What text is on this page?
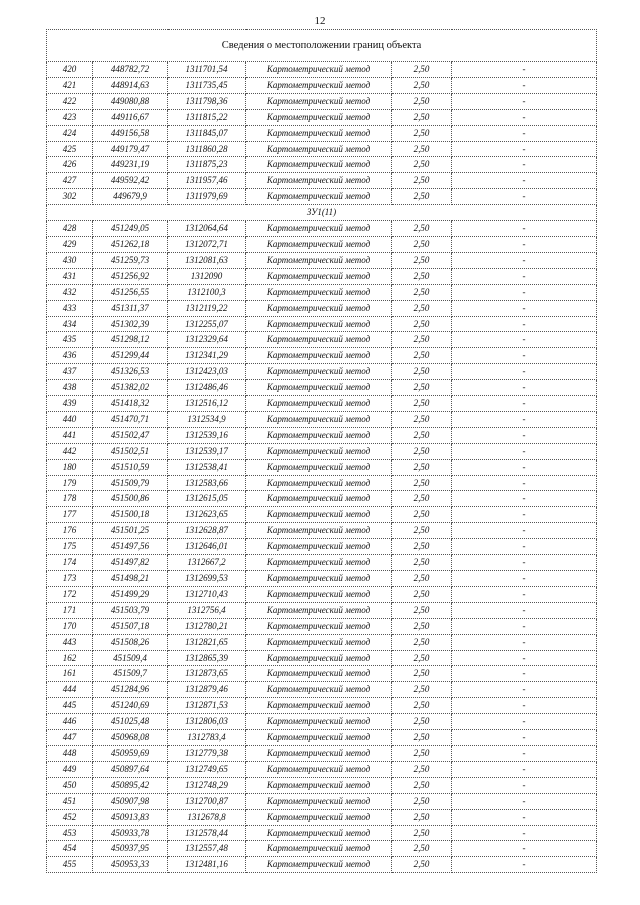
12
Сведения о местоположении границ объекта					
420	448782,72	1311701,54	Картометрический метод	2,50	-
421	448914,63	1311735,45	Картометрический метод	2,50	-
422	449080,88	1311798,36	Картометрический метод	2,50	-
423	449116,67	1311815,22	Картометрический метод	2,50	-
424	449156,58	1311845,07	Картометрический метод	2,50	-
425	449179,47	1311860,28	Картометрический метод	2,50	-
426	449231,19	1311875,23	Картометрический метод	2,50	-
427	449592,42	1311957,46	Картометрический метод	2,50	-
302	449679,9	1311979,69	Картометрический метод	2,50	-
ЗУ1(11)					
428	451249,05	1312064,64	Картометрический метод	2,50	-
429	451262,18	1312072,71	Картометрический метод	2,50	-
430	451259,73	1312081,63	Картометрический метод	2,50	-
431	451256,92	1312090	Картометрический метод	2,50	-
432	451256,55	1312100,3	Картометрический метод	2,50	-
433	451311,37	1312119,22	Картометрический метод	2,50	-
434	451302,39	1312255,07	Картометрический метод	2,50	-
435	451298,12	1312329,64	Картометрический метод	2,50	-
436	451299,44	1312341,29	Картометрический метод	2,50	-
437	451326,53	1312423,03	Картометрический метод	2,50	-
438	451382,02	1312486,46	Картометрический метод	2,50	-
439	451418,32	1312516,12	Картометрический метод	2,50	-
440	451470,71	1312534,9	Картометрический метод	2,50	-
441	451502,47	1312539,16	Картометрический метод	2,50	-
442	451502,51	1312539,17	Картометрический метод	2,50	-
180	451510,59	1312538,41	Картометрический метод	2,50	-
179	451509,79	1312583,66	Картометрический метод	2,50	-
178	451500,86	1312615,05	Картометрический метод	2,50	-
177	451500,18	1312623,65	Картометрический метод	2,50	-
176	451501,25	1312628,87	Картометрический метод	2,50	-
175	451497,56	1312646,01	Картометрический метод	2,50	-
174	451497,82	1312667,2	Картометрический метод	2,50	-
173	451498,21	1312699,53	Картометрический метод	2,50	-
172	451499,29	1312710,43	Картометрический метод	2,50	-
171	451503,79	1312756,4	Картометрический метод	2,50	-
170	451507,18	1312780,21	Картометрический метод	2,50	-
443	451508,26	1312821,65	Картометрический метод	2,50	-
162	451509,4	1312865,39	Картометрический метод	2,50	-
161	451509,7	1312873,65	Картометрический метод	2,50	-
444	451284,96	1312879,46	Картометрический метод	2,50	-
445	451240,69	1312871,53	Картометрический метод	2,50	-
446	451025,48	1312806,03	Картометрический метод	2,50	-
447	450968,08	1312783,4	Картометрический метод	2,50	-
448	450959,69	1312779,38	Картометрический метод	2,50	-
449	450897,64	1312749,65	Картометрический метод	2,50	-
450	450895,42	1312748,29	Картометрический метод	2,50	-
451	450907,98	1312700,87	Картометрический метод	2,50	-
452	450913,83	1312678,8	Картометрический метод	2,50	-
453	450933,78	1312578,44	Картометрический метод	2,50	-
454	450937,95	1312557,48	Картометрический метод	2,50	-
455	450953,33	1312481,16	Картометрический метод	2,50	-
